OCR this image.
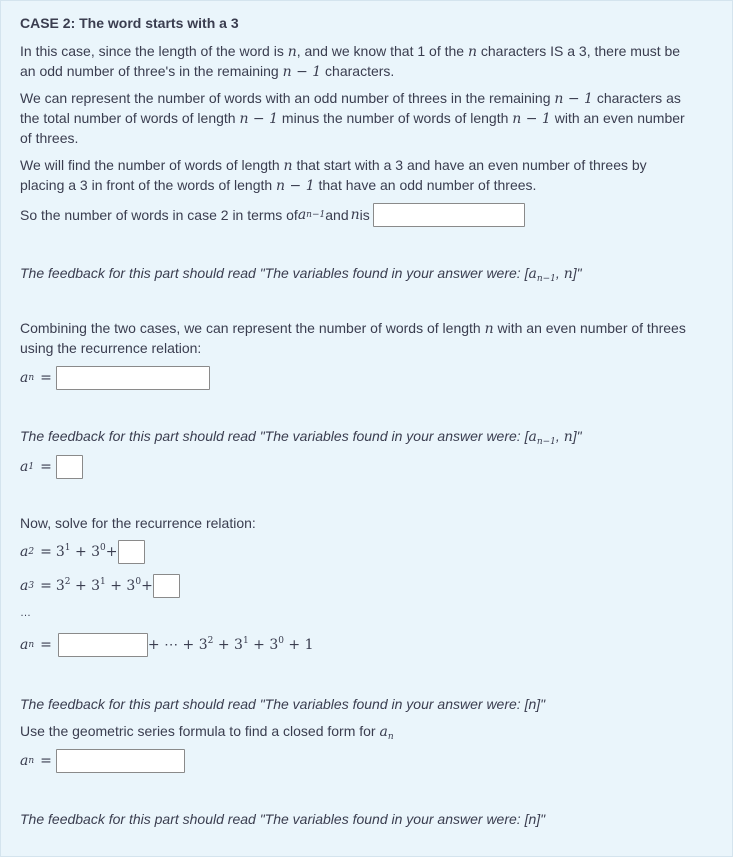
CASE 2: The word starts with a 3
In this case, since the length of the word is n, and we know that 1 of the n characters IS a 3, there must be
an odd number of three's in the remaining n − 1 characters.
We can represent the number of words with an odd number of threes in the remaining n − 1 characters as
the total number of words of length n − 1 minus the number of words of length n − 1 with an even number
of threes.
We will find the number of words of length n that start with a 3 and have an even number of threes by
placing a 3 in front of the words of length n − 1 that have an odd number of threes.
So the number of words in case 2 in terms of a n−1 and n is
The feedback for this part should read "The variables found in your answer were: [$a_{n-1}$, n]"
Combining the two cases, we can represent the number of words of length n with an even number of threes
using the recurrence relation:
a n =
The feedback for this part should read "The variables found in your answer were: [$a_{n-1}$, n]"
a 1 =
Now, solve for the recurrence relation:
a $2 = 3^1 + 3^0+$
a $3 = 3^2 + 3^1 + 3^0+$
…
a n =	+ ⋯ + $3^2 + 3^1 + 3^0 + 1$
The feedback for this part should read "The variables found in your answer were: [n]"
Use the geometric series formula to find a closed form for $a_n$
a n =
The feedback for this part should read "The variables found in your answer were: [n]"
